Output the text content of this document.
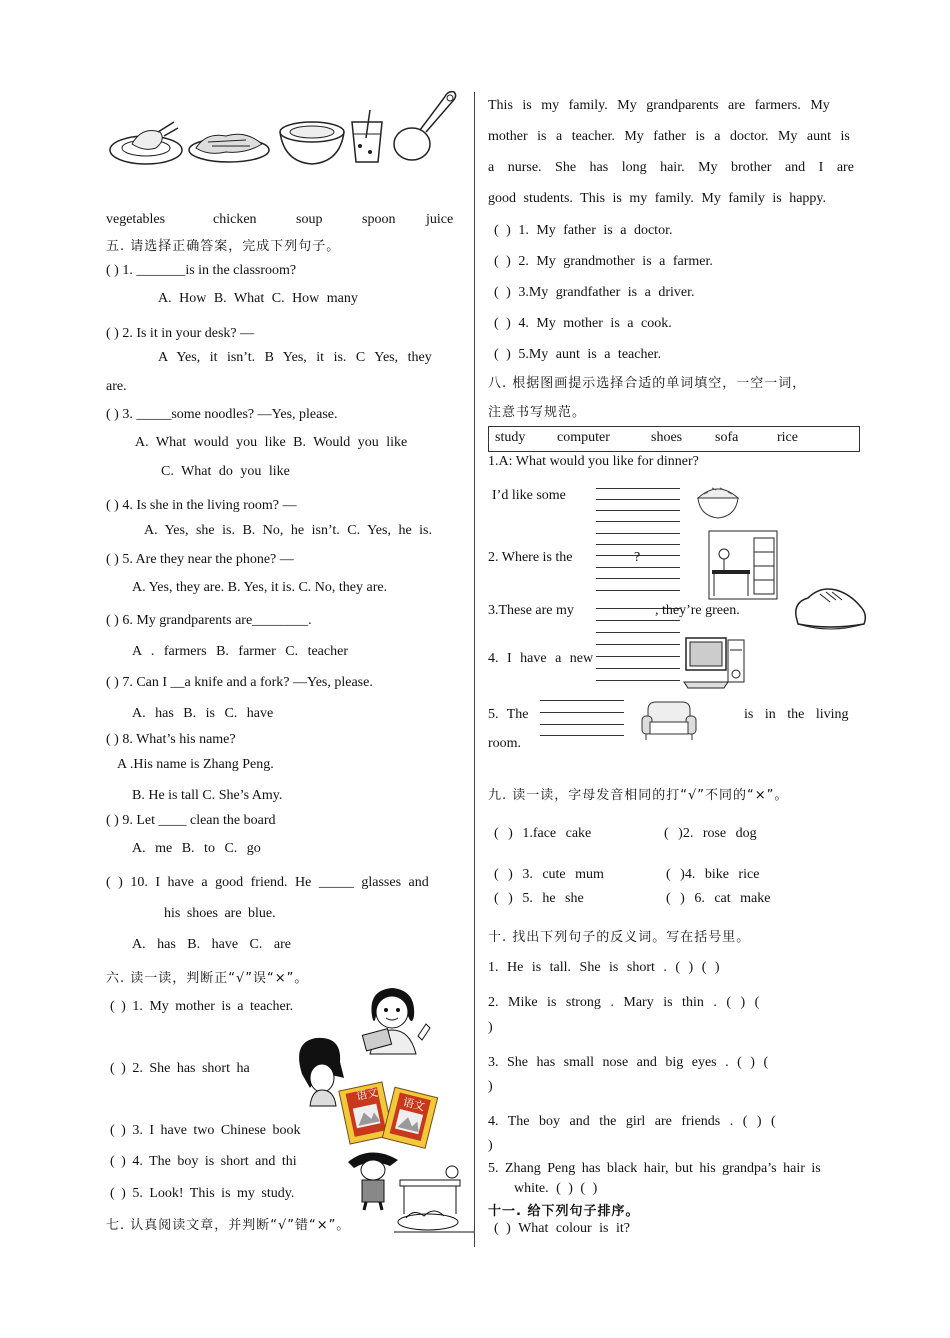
vegetables	chicken	soup	spoon juice
五. 请选择正确答案，完成下列句子。
( ) 1. _______is in the classroom?
A. How B. What C. How many
( ) 2. Is it in your desk? —
A Yes, it isn’t. B Yes, it is. C Yes, they
are.
( ) 3. _____some noodles? —Yes, please.
A. What would you like B. Would you like
C. What do you like
( ) 4. Is she in the living room? —
A. Yes, she is. B. No, he isn’t. C. Yes, he is.
( ) 5. Are they near the phone? —
A. Yes, they are. B. Yes, it is. C. No, they are.
( ) 6. My grandparents are________.
A . farmers B. farmer C. teacher
( ) 7. Can I __a knife and a fork? —Yes, please.
A. has B. is C. have
( ) 8. What’s his name?
A .His name is Zhang Peng.
B. He is tall C. She’s Amy.
( ) 9. Let ____ clean the board
A. me B. to C. go
( ) 10. I have a good friend. He _____ glasses and
his shoes are blue.
A. has B. have C. are
六. 读一读，判断正“√”误“×”。
( ) 1. My mother is a teacher.
( ) 2. She has short ha
( ) 3. I have two Chinese book
( ) 4. The boy is short and thi
( ) 5. Look! This is my study.
语文
语文
七. 认真阅读文章，并判断“√”错“×”。
This is my family. My grandparents are farmers. My
mother is a teacher. My father is a doctor. My aunt is
a nurse. She has long hair. My brother and I are
good students. This is my family. My family is happy.
( ) 1. My father is a doctor.
( ) 2. My grandmother is a farmer.
( ) 3.My grandfather is a driver.
( ) 4. My mother is a cook.
( ) 5.My aunt is a teacher.
八. 根据图画提示选择合适的单词填空，一空一词，
注意书写规范。
study computer	shoes sofa	rice
1.A: What would you like for dinner?
I’d like some
2. Where is the	?
3.These are my	, they’re green.
4. I have a new
5. The	is in the living
room.
九. 读一读，字母发音相同的打“√”不同的“×”。
( ) 1.face cake	( )2. rose dog
( ) 3. cute mum	( )4. bike rice
( ) 5. he she	( ) 6. cat make
十. 找出下列句子的反义词。写在括号里。
1. He is tall. She is short . ( ) ( )
2. Mike is strong . Mary is thin . ( ) (
)
3. She has small nose and big eyes . ( ) (
)
4. The boy and the girl are friends . ( ) (
)
5. Zhang Peng has black hair, but his grandpa’s hair is
white. ( ) ( )
十一. 给下列句子排序。
( ) What colour is it?
